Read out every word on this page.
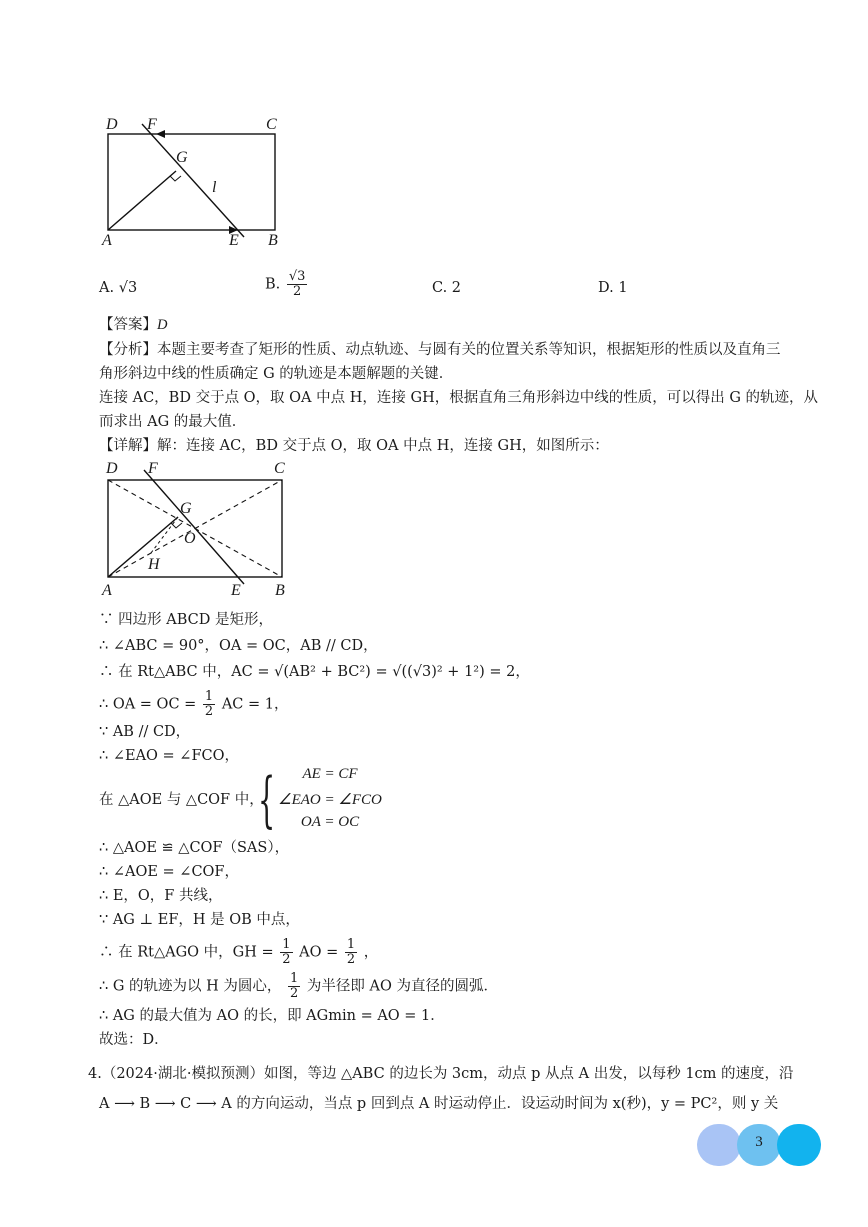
D F	C
G
l
A	E B
A. √3	B. $\frac{√3}{2}$	C. 2	D. 1
【答案】D
【分析】本题主要考查了矩形的性质、动点轨迹、与圆有关的位置关系等知识，根据矩形的性质以及直角三
角形斜边中线的性质确定 G 的轨迹是本题解题的关键．
连接 AC，BD 交于点 O，取 OA 中点 H，连接 GH，根据直角三角形斜边中线的性质，可以得出 G 的轨迹，从
而求出 AG 的最大值．
【详解】解：连接 AC，BD 交于点 O，取 OA 中点 H，连接 GH，如图所示：
D F	C
G
O
H
A	E B
∵ 四边形 ABCD 是矩形，
∴ ∠ABC = 90°，OA = OC，AB // CD，
∴ 在 Rt△ABC 中，AC = √(AB² + BC²) = √((√3)² + 1²) = 2，
∴ OA = OC = $\frac{1}{2}$ AC = 1，
∵ AB // CD，
∴ ∠EAO = ∠FCO，
在 △AOE 与 △COF 中，
{	AE = CF
∠EAO = ∠FCO
OA = OC
∴ △AOE ≌ △COF（SAS），
∴ ∠AOE = ∠COF，
∴ E，O，F 共线，
∵ AG ⊥ EF，H 是 OB 中点，
∴ 在 Rt△AGO 中，GH = $\frac{1}{2}$ AO = $\frac{1}{2}$ ，
∴ G 的轨迹为以 H 为圆心， $\frac{1}{2}$ 为半径即 AO 为直径的圆弧．
∴ AG 的最大值为 AO 的长，即 AGmin = AO = 1．
故选：D．
4.（2024·湖北·模拟预测）如图，等边 △ABC 的边长为 3cm，动点 p 从点 A 出发，以每秒 1cm 的速度，沿
A ⟶ B ⟶ C ⟶ A 的方向运动，当点 p 回到点 A 时运动停止．设运动时间为 x(秒)，y = PC²，则 y 关
3
